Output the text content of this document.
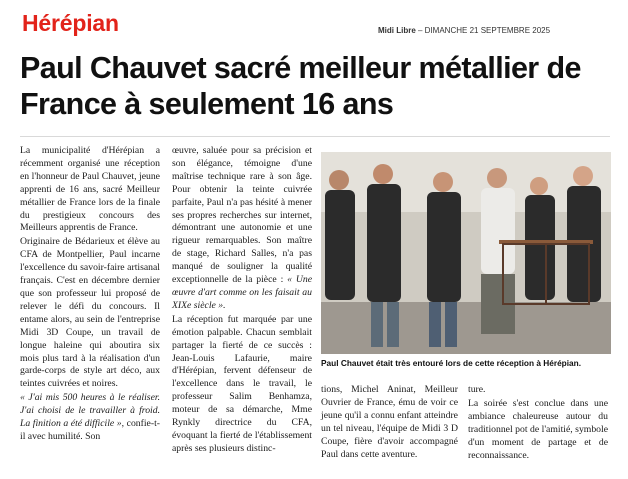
Hérépian	Midi Libre – DIMANCHE 21 SEPTEMBRE 2025
Paul Chauvet sacré meilleur métallier de France à seulement 16 ans

La municipalité d'Hérépian a récemment organisé une réception en l'honneur de Paul Chauvet, jeune apprenti de 16 ans, sacré Meilleur métallier de France lors de la finale du prestigieux concours des Meilleurs apprentis de France.

Originaire de Bédarieux et élève au CFA de Montpellier, Paul incarne l'excellence du savoir-faire artisanal français. C'est en décembre dernier que son professeur lui proposé de relever le défi du concours. Il entame alors, au sein de l'entreprise Midi 3D Coupe, un travail de longue haleine qui aboutira six mois plus tard à la réalisation d'un garde-corps de style art déco, aux teintes cuivrées et noires.

« J'ai mis 500 heures à le réaliser. J'ai choisi de le travailler à froid. La finition a été difficile », confie-t-il avec humilité. Son

œuvre, saluée pour sa précision et son élégance, témoigne d'une maîtrise technique rare à son âge. Pour obtenir la teinte cuivrée parfaite, Paul n'a pas hésité à mener ses propres recherches sur internet, démontrant une autonomie et une rigueur remarquables. Son maître de stage, Richard Salles, n'a pas manqué de souligner la qualité exceptionnelle de la pièce : « Une œuvre d'art comme on les faisait au XIXe siècle ».

La réception fut marquée par une émotion palpable. Chacun semblait partager la fierté de ce succès : Jean-Louis Lafaurie, maire d'Hérépian, fervent défenseur de l'excellence dans le travail, le professeur Salim Benhamza, moteur de sa démarche, Mme Rynkly directrice du CFA, évoquant la fierté de l'établissement après ses plusieurs distinc-

Paul Chauvet était très entouré lors de cette réception à Hérépian.

tions, Michel Aninat, Meilleur Ouvrier de France, ému de voir ce jeune qu'il a connu enfant atteindre un tel niveau, l'équipe de Midi 3 D Coupe, fière d'avoir accompagné Paul dans cette aventure.

ture.

La soirée s'est conclue dans une ambiance chaleureuse autour du traditionnel pot de l'amitié, symbole d'un moment de partage et de reconnaissance.
